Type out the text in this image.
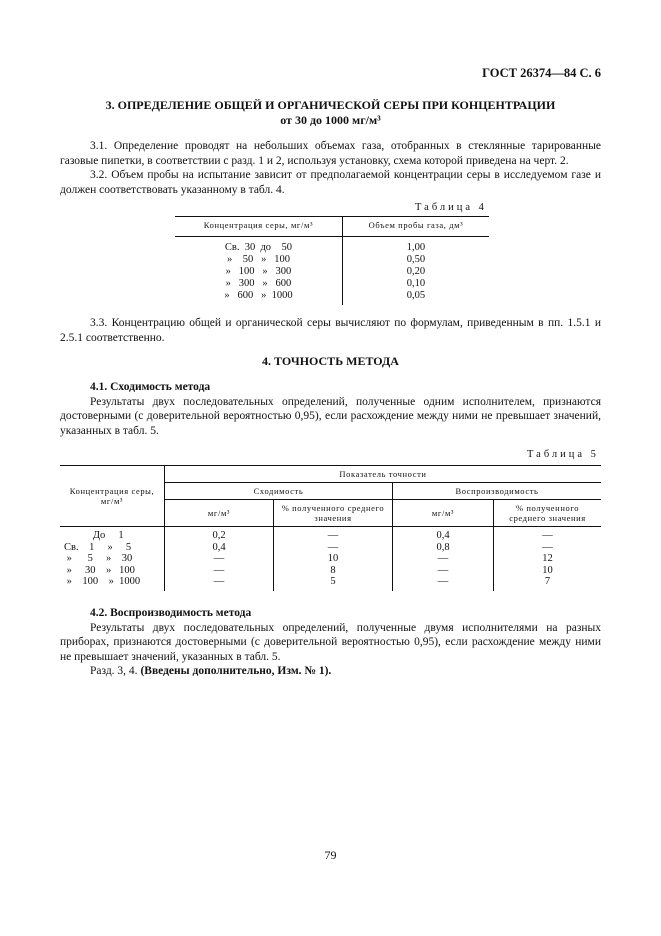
ГОСТ 26374—84 С. 6
3. ОПРЕДЕЛЕНИЕ ОБЩЕЙ И ОРГАНИЧЕСКОЙ СЕРЫ ПРИ КОНЦЕНТРАЦИИ
от 30 до 1000 мг/м³

3.1. Определение проводят на небольших объемах газа, отобранных в стеклянные тарированные газовые пипетки, в соответствии с разд. 1 и 2, используя установку, схема которой приведена на черт. 2.

3.2. Объем пробы на испытание зависит от предполагаемой концентрации серы в исследуемом газе и должен соответствовать указанному в табл. 4.

Таблица 4
Концентрация серы, мг/м³	Объем пробы газа, дм³
Св.  30  до    50	1,00
»    50   »   100	0,50
»   100   »   300	0,20
»   300   »   600	0,10
»   600   »  1000	0,05

3.3. Концентрацию общей и органической серы вычисляют по формулам, приведенным в пп. 1.5.1 и 2.5.1 соответственно.

4. ТОЧНОСТЬ МЕТОДА

4.1. Сходимость метода

Результаты двух последовательных определений, полученные одним исполнителем, признаются достоверными (с доверительной вероятностью 0,95), если расхождение между ними не превышает значений, указанных в табл. 5.

Таблица 5
Концентрация серы, мг/м³	Показатель точности			
	Сходимость		Воспроизводимость	
	мг/м³	% полученного среднего значения	мг/м³	% полученного среднего значения
До     1	0,2	—	0,4	—
Св.    1     »     5	0,4	—	0,8	—
»      5     »    30	—	10	—	12
»     30    »   100	—	8	—	10
»    100    »  1000	—	5	—	7

4.2. Воспроизводимость метода

Результаты двух последовательных определений, полученные двумя исполнителями на разных приборах, признаются достоверными (с доверительной вероятностью 0,95), если расхождение между ними не превышает значений, указанных в табл. 5.

Разд. 3, 4. (Введены дополнительно, Изм. № 1).

79
